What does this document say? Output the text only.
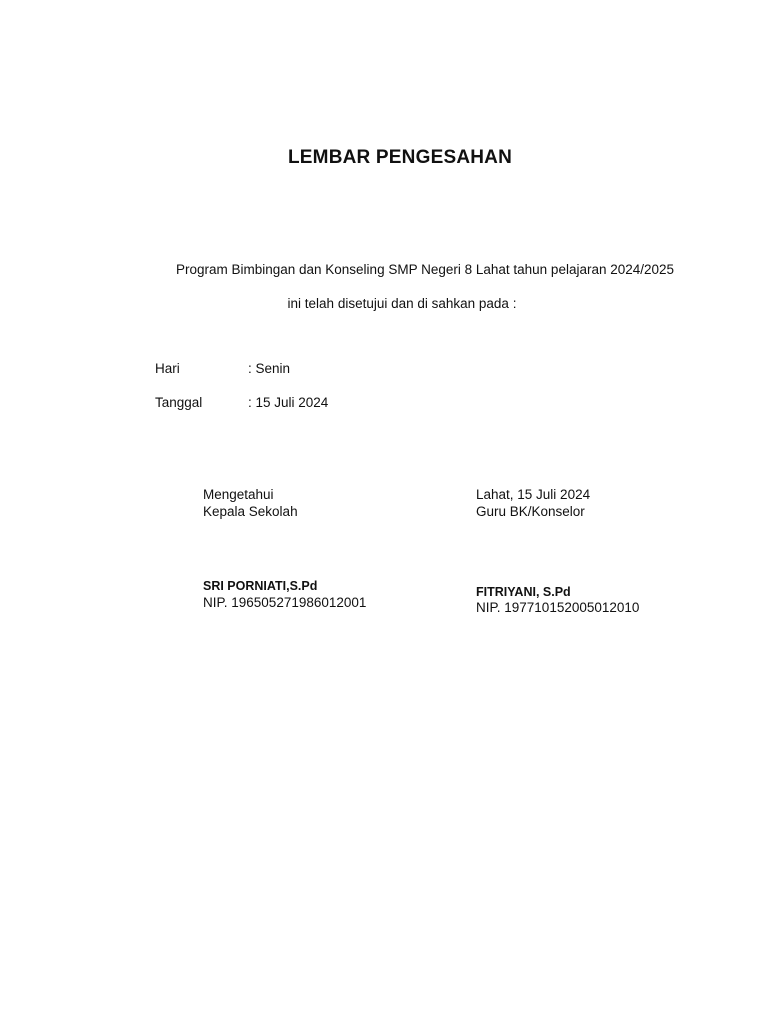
LEMBAR PENGESAHAN
Program Bimbingan dan Konseling SMP Negeri 8 Lahat tahun pelajaran 2024/2025
ini telah disetujui dan di sahkan pada :
Hari	: Senin
Tanggal	: 15 Juli 2024
Mengetahui
Kepala Sekolah
SRI PORNIATI,S.Pd
NIP. 196505271986012001
Lahat, 15 Juli 2024
Guru BK/Konselor
FITRIYANI, S.Pd
NIP. 197710152005012010
